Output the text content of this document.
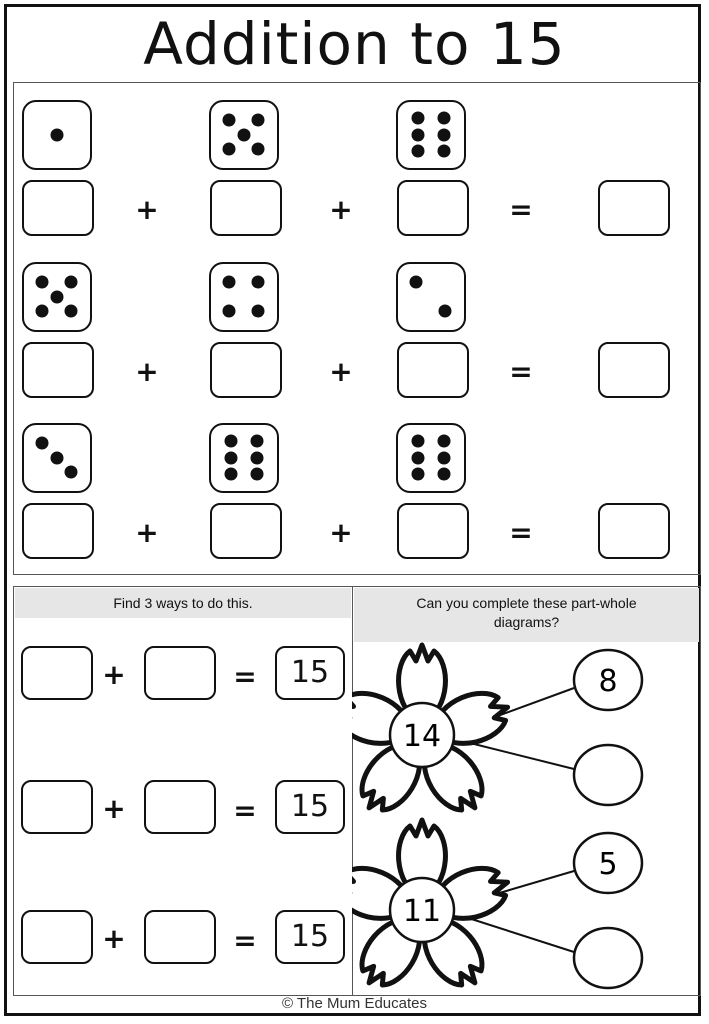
Addition to 15
+	+	=
+	+	=
+	+	=
Find 3 ways to do this.	Can you complete these part-whole
diagrams?
+	=	15
+	=	15
+	=	15
14
8
11
5
© The Mum Educates
